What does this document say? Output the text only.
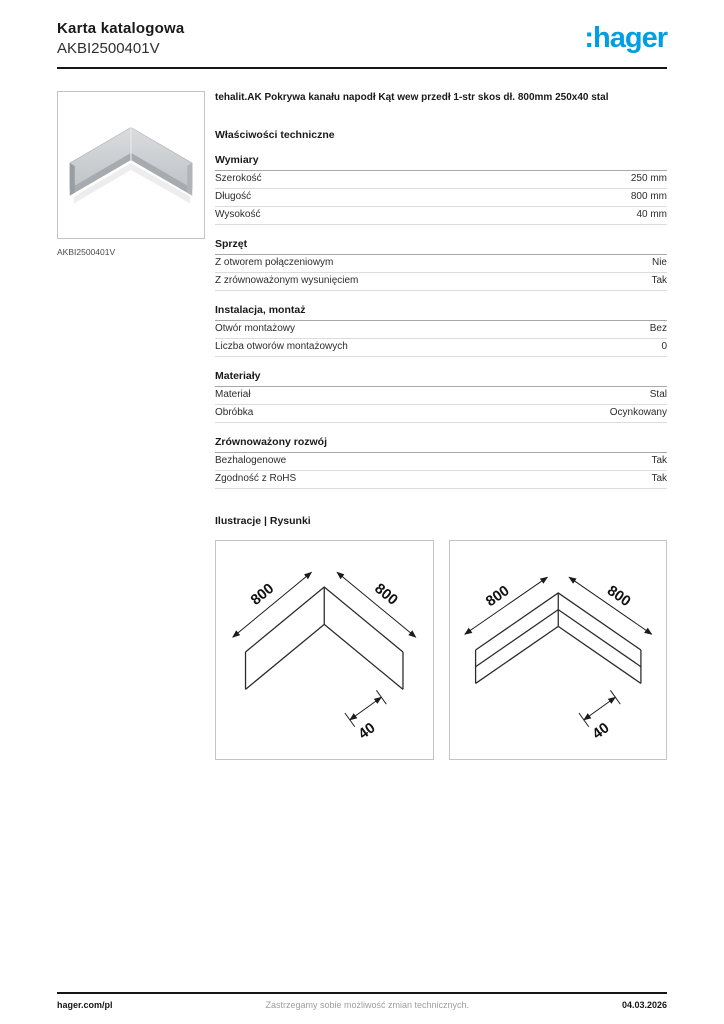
Karta katalogowa
AKBI2500401V	:hager
AKBI2500401V
tehalit.AK Pokrywa kanału napodł Kąt wew przedł 1-str skos dł. 800mm 250x40 stal
Właściwości techniczne
Wymiary
Szerokość	250 mm
Długość	800 mm
Wysokość	40 mm
Sprzęt
Z otworem połączeniowym	Nie
Z zrównoważonym wysunięciem	Tak
Instalacja, montaż
Otwór montażowy	Bez
Liczba otworów montażowych	0
Materiały
Materiał	Stal
Obróbka	Ocynkowany
Zrównoważony rozwój
Bezhalogenowe	Tak
Zgodność z RoHS	Tak
Ilustracje | Rysunki
800	800
40
800	800
40
hager.com/pl	Zastrzegamy sobie możliwość zmian technicznych.	04.03.2026
